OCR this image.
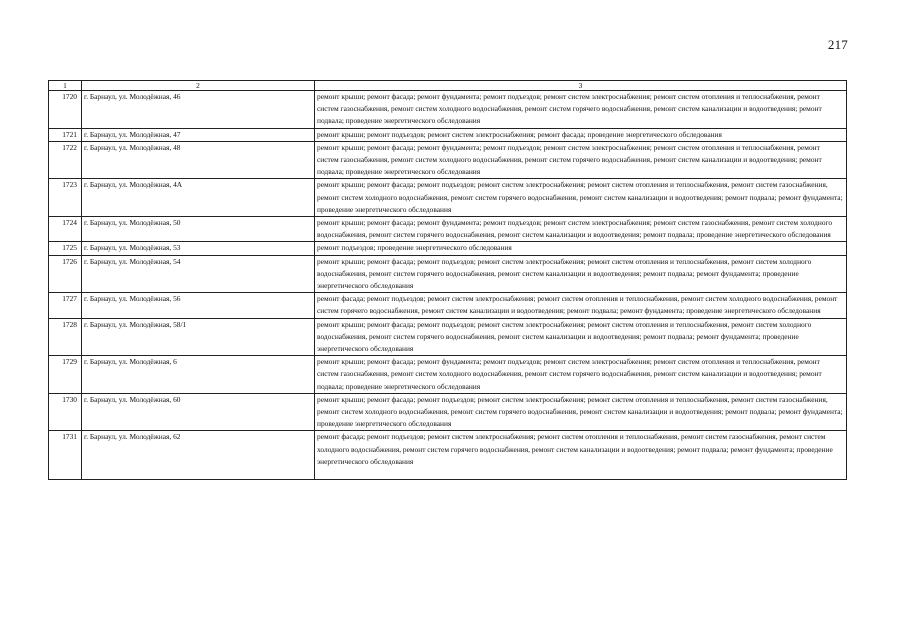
217
1	2	3
1720	г. Барнаул, ул. Молодёжная, 46	ремонт крыши; ремонт фасада; ремонт фундамента; ремонт подъездов; ремонт систем электроснабжения; ремонт систем отопления и теплоснабжения, ремонт систем газоснабжения, ремонт систем холодного водоснабжения, ремонт систем горячего водоснабжения, ремонт систем канализации и водоотведения; ремонт подвала; проведение энергетического обследования
1721	г. Барнаул, ул. Молодёжная, 47	ремонт крыши; ремонт подъездов; ремонт систем электроснабжения; ремонт фасада; проведение энергетического обследования
1722	г. Барнаул, ул. Молодёжная, 48	ремонт крыши; ремонт фасада; ремонт фундамента; ремонт подъездов; ремонт систем электроснабжения; ремонт систем отопления и теплоснабжения, ремонт систем газоснабжения, ремонт систем холодного водоснабжения, ремонт систем горячего водоснабжения, ремонт систем канализации и водоотведения; ремонт подвала; проведение энергетического обследования
1723	г. Барнаул, ул. Молодёжная, 4А	ремонт крыши; ремонт фасада; ремонт подъездов; ремонт систем электроснабжения; ремонт систем отопления и теплоснабжения, ремонт систем газоснабжения, ремонт систем холодного водоснабжения, ремонт систем горячего водоснабжения, ремонт систем канализации и водоотведения; ремонт подвала; ремонт фундамента; проведение энергетического обследования
1724	г. Барнаул, ул. Молодёжная, 50	ремонт крыши; ремонт фасада; ремонт фундамента; ремонт подъездов; ремонт систем электроснабжения; ремонт систем газоснабжения, ремонт систем холодного водоснабжения, ремонт систем горячего водоснабжения, ремонт систем канализации и водоотведения; ремонт подвала; проведение энергетического обследования
1725	г. Барнаул, ул. Молодёжная, 53	ремонт подъездов; проведение энергетического обследования
1726	г. Барнаул, ул. Молодёжная, 54	ремонт крыши; ремонт фасада; ремонт подъездов; ремонт систем электроснабжения; ремонт систем отопления и теплоснабжения, ремонт систем холодного водоснабжения, ремонт систем горячего водоснабжения, ремонт систем канализации и водоотведения; ремонт подвала; ремонт фундамента; проведение энергетического обследования
1727	г. Барнаул, ул. Молодёжная, 56	ремонт фасада; ремонт подъездов; ремонт систем электроснабжения; ремонт систем отопления и теплоснабжения, ремонт систем холодного водоснабжения, ремонт систем горячего водоснабжения, ремонт систем канализации и водоотведения; ремонт подвала; ремонт фундамента; проведение энергетического обследования
1728	г. Барнаул, ул. Молодёжная, 58/1	ремонт крыши; ремонт фасада; ремонт подъездов; ремонт систем электроснабжения; ремонт систем отопления и теплоснабжения, ремонт систем холодного водоснабжения, ремонт систем горячего водоснабжения, ремонт систем канализации и водоотведения; ремонт подвала; ремонт фундамента; проведение энергетического обследования
1729	г. Барнаул, ул. Молодёжная, 6	ремонт крыши; ремонт фасада; ремонт фундамента; ремонт подъездов; ремонт систем электроснабжения; ремонт систем отопления и теплоснабжения, ремонт систем газоснабжения, ремонт систем холодного водоснабжения, ремонт систем горячего водоснабжения, ремонт систем канализации и водоотведения; ремонт подвала; проведение энергетического обследования
1730	г. Барнаул, ул. Молодёжная, 60	ремонт крыши; ремонт фасада; ремонт подъездов; ремонт систем электроснабжения; ремонт систем отопления и теплоснабжения, ремонт систем газоснабжения, ремонт систем холодного водоснабжения, ремонт систем горячего водоснабжения, ремонт систем канализации и водоотведения; ремонт подвала; ремонт фундамента; проведение энергетического обследования
1731	г. Барнаул, ул. Молодёжная, 62	ремонт фасада; ремонт подъездов; ремонт систем электроснабжения; ремонт систем отопления и теплоснабжения, ремонт систем газоснабжения, ремонт систем холодного водоснабжения, ремонт систем горячего водоснабжения, ремонт систем канализации и водоотведения; ремонт подвала; ремонт фундамента; проведение энергетического обследования
